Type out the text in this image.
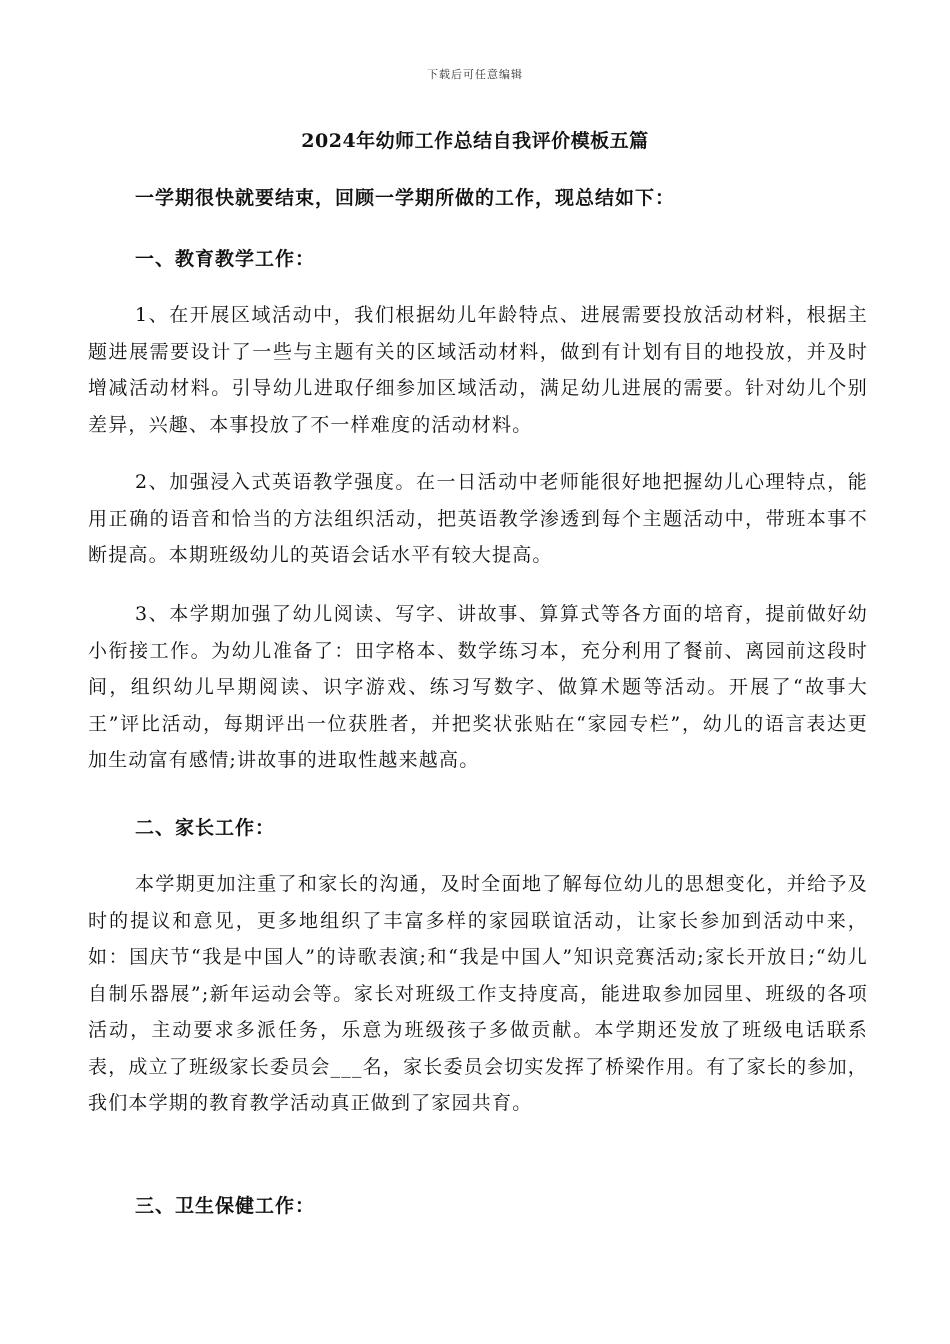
下载后可任意编辑
2024年幼师工作总结自我评价模板五篇
一学期很快就要结束，回顾一学期所做的工作，现总结如下：
一、教育教学工作：

1、在开展区域活动中，我们根据幼儿年龄特点、进展需要投放活动材料，根据主题进展需要设计了一些与主题有关的区域活动材料，做到有计划有目的地投放，并及时增减活动材料。引导幼儿进取仔细参加区域活动，满足幼儿进展的需要。针对幼儿个别差异，兴趣、本事投放了不一样难度的活动材料。

2、加强浸入式英语教学强度。在一日活动中老师能很好地把握幼儿心理特点，能用正确的语音和恰当的方法组织活动，把英语教学渗透到每个主题活动中，带班本事不断提高。本期班级幼儿的英语会话水平有较大提高。

3、本学期加强了幼儿阅读、写字、讲故事、算算式等各方面的培育，提前做好幼小衔接工作。为幼儿准备了：田字格本、数学练习本，充分利用了餐前、离园前这段时间，组织幼儿早期阅读、识字游戏、练习写数字、做算术题等活动。开展了“故事大王”评比活动，每期评出一位获胜者，并把奖状张贴在“家园专栏”，幼儿的语言表达更加生动富有感情;讲故事的进取性越来越高。

二、家长工作：

本学期更加注重了和家长的沟通，及时全面地了解每位幼儿的思想变化，并给予及时的提议和意见，更多地组织了丰富多样的家园联谊活动，让家长参加到活动中来，如：国庆节“我是中国人”的诗歌表演;和“我是中国人”知识竞赛活动;家长开放日;“幼儿自制乐器展”;新年运动会等。家长对班级工作支持度高，能进取参加园里、班级的各项活动，主动要求多派任务，乐意为班级孩子多做贡献。本学期还发放了班级电话联系表，成立了班级家长委员会___名，家长委员会切实发挥了桥梁作用。有了家长的参加，我们本学期的教育教学活动真正做到了家园共育。

三、卫生保健工作：
